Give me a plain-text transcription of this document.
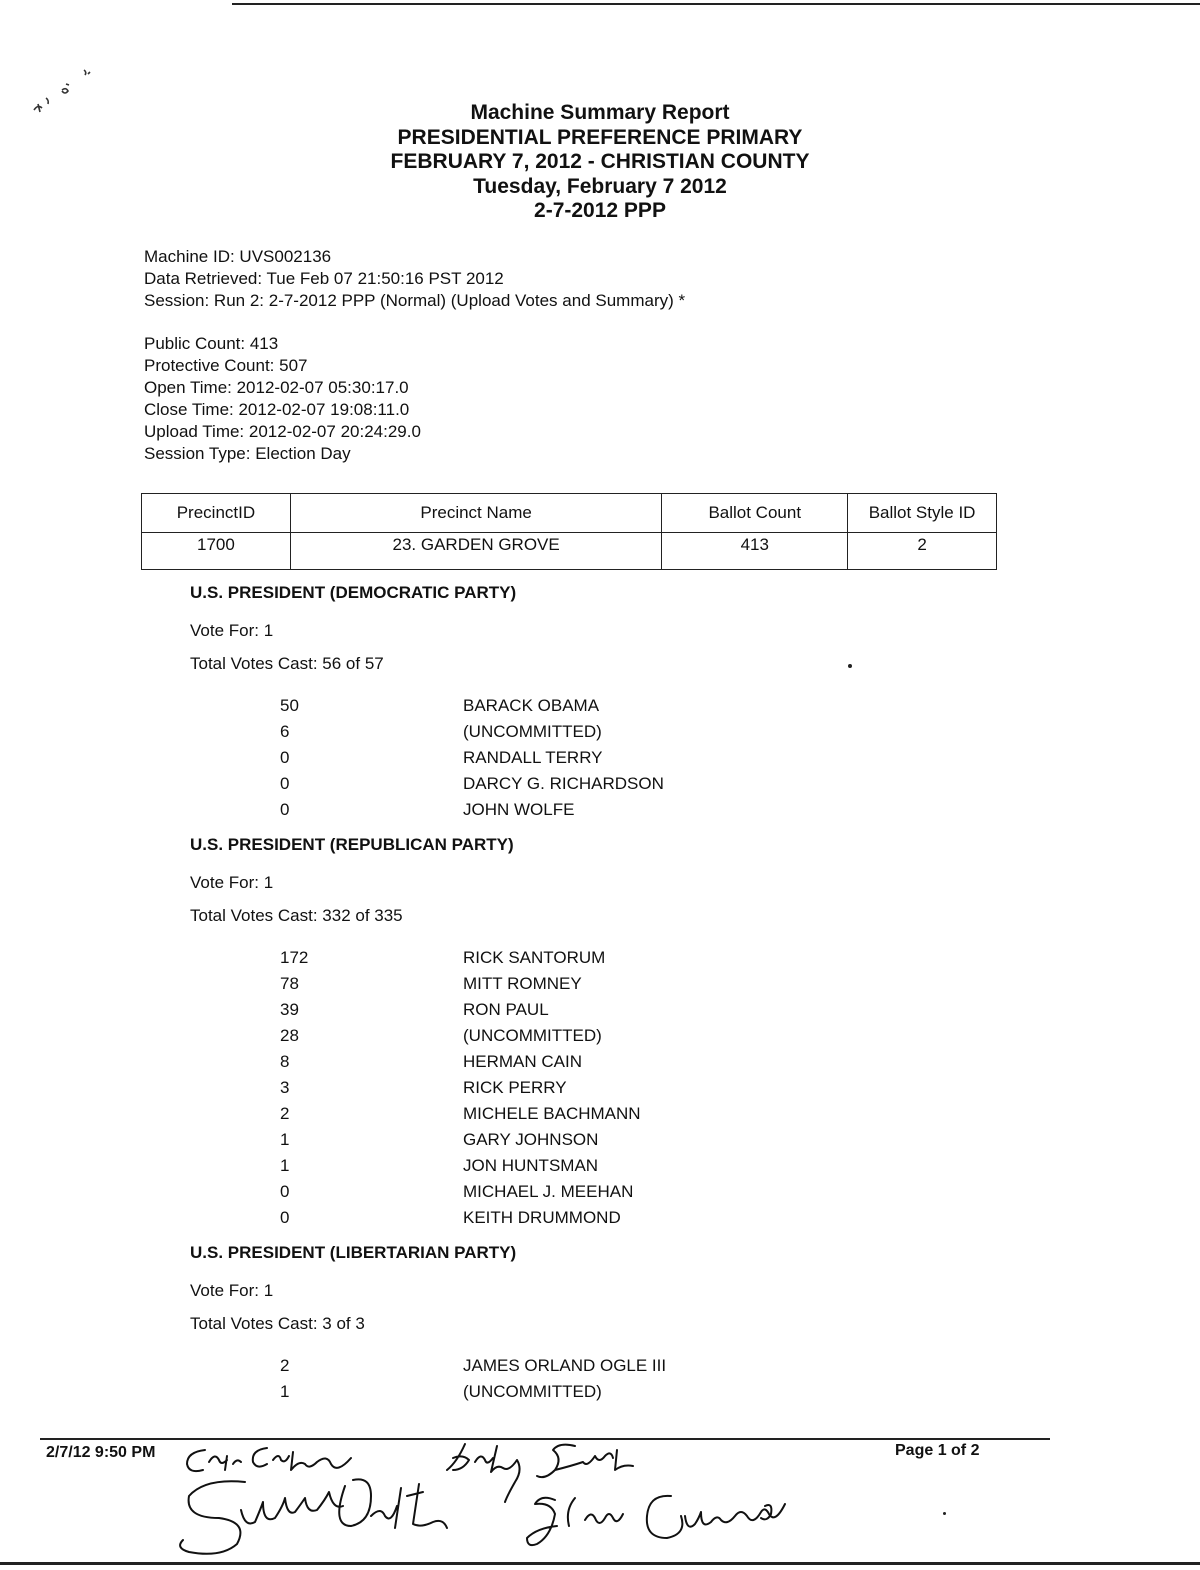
Machine Summary Report
PRESIDENTIAL PREFERENCE PRIMARY
FEBRUARY 7, 2012 - CHRISTIAN COUNTY
Tuesday, February 7 2012
2-7-2012 PPP
Machine ID: UVS002136
Data Retrieved: Tue Feb 07 21:50:16 PST 2012
Session: Run 2: 2-7-2012 PPP (Normal) (Upload Votes and Summary) *
Public Count: 413
Protective Count: 507
Open Time: 2012-02-07 05:30:17.0
Close Time: 2012-02-07 19:08:11.0
Upload Time: 2012-02-07 20:24:29.0
Session Type: Election Day
PrecinctID	Precinct Name	Ballot Count	Ballot Style ID
1700	23. GARDEN GROVE	413	2
U.S. PRESIDENT (DEMOCRATIC PARTY)
Vote For: 1
Total Votes Cast: 56 of 57
50	BARACK OBAMA
6	(UNCOMMITTED)
0	RANDALL TERRY
0	DARCY G. RICHARDSON
0	JOHN WOLFE
U.S. PRESIDENT (REPUBLICAN PARTY)
Vote For: 1
Total Votes Cast: 332 of 335
172	RICK SANTORUM
78	MITT ROMNEY
39	RON PAUL
28	(UNCOMMITTED)
8	HERMAN CAIN
3	RICK PERRY
2	MICHELE BACHMANN
1	GARY JOHNSON
1	JON HUNTSMAN
0	MICHAEL J. MEEHAN
0	KEITH DRUMMOND
U.S. PRESIDENT (LIBERTARIAN PARTY)
Vote For: 1
Total Votes Cast: 3 of 3
2	JAMES ORLAND OGLE III
1	(UNCOMMITTED)
2/7/12 9:50 PM	Page 1 of 2
